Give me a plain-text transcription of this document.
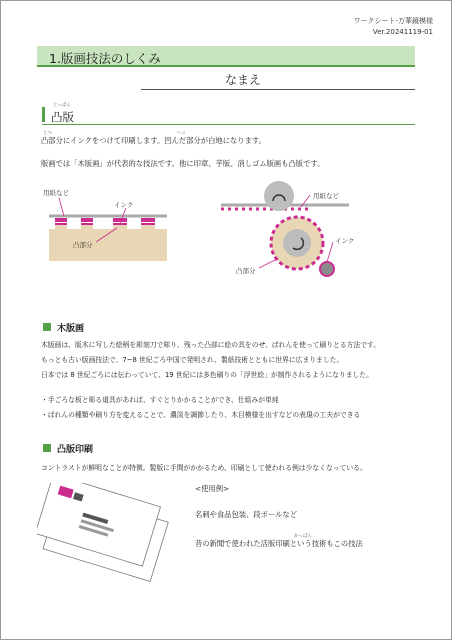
ワークシート-万華鏡模様
Ver.20241119-01
1.版画技法のしくみ
なまえ
とっぱん
凸版
とつ	へこ
凸部分にインクをつけて印刷します。凹んだ部分が白地になります。
版画では「木版画」が代表的な技法です。他に印章、芋版、消しゴム版画も凸版です。
用紙など
インク
凸部分
用紙など
インク
凸部分
木版画
木版画は、版木に写した絵柄を彫刻刀で彫り、残った凸部に絵の具をのせ、ばれんを使って刷りとる方法です。
もっとも古い版画技法で、7~8 世紀ごろ中国で発明され、製紙技術とともに世界に広まりました。
日本では 8 世紀ごろには伝わっていて、19 世紀には多色刷りの「浮世絵」が制作されるようになりました。
・手ごろな板と彫る道具があれば、すぐとりかかることができ、仕組みが単純
・ばれんの種類や刷り方を変えることで、濃淡を調節したり、木目模様を出すなどの表現の工夫ができる
凸版印刷
コントラストが鮮明なことが特徴。製版に手間がかかるため、印刷として使われる例は少なくなっている。
<使用例>
名刺や食品包装、段ボールなど
かっぱん
昔の新聞で使われた活版印刷という技術もこの技法
